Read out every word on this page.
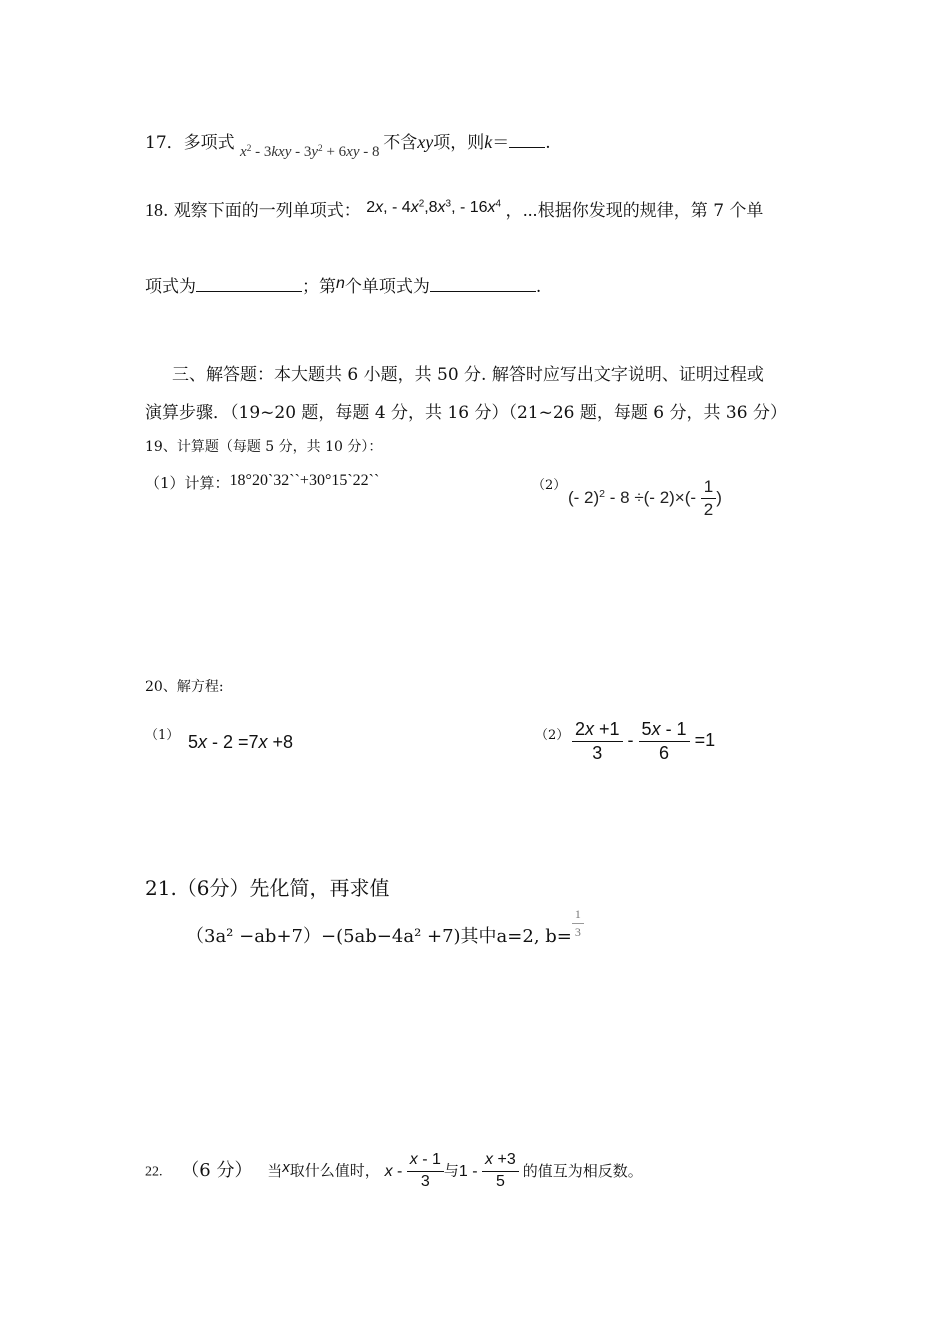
17．多项式 $x^2 - 3kxy - 3y^2 + 6xy - 8$ 不含xy项，则k＝ .
18. 观察下面的一列单项式： 2x, - $4x^2,8x^3$, - $16x^4$ ，⋯根据你发现的规律，第 7 个单
项式为	；第n个单项式为	.
三、解答题：本大题共 6 小题，共 50 分. 解答时应写出文字说明、证明过程或
演算步骤．（19~20 题，每题 4 分，共 16 分）（21~26 题，每题 6 分，共 36 分）
19、计算题（每题 5 分，共 10 分）：
（1）计算：18°20`32``+30°15`22``	（2）
(- 2)$^2$ - 8 ÷(- $2)\times(- \frac{1}{2}$ )
20、解方程:
（1） 5x - 2 =7x +8	$(2) \frac{2x +1}{3} - \frac{5x - 1}{6} =1$
21.（6分）先化简，再求值
（3a² −ab+7）−(5ab−4a² +7)其中a=2, $b= \frac{1}{3}$
22. （6 分） 当x取什么值时， x - $\frac{x - 1}{3}$ 与$1 - \frac{x +3}{5}$ 的值互为相反数。
